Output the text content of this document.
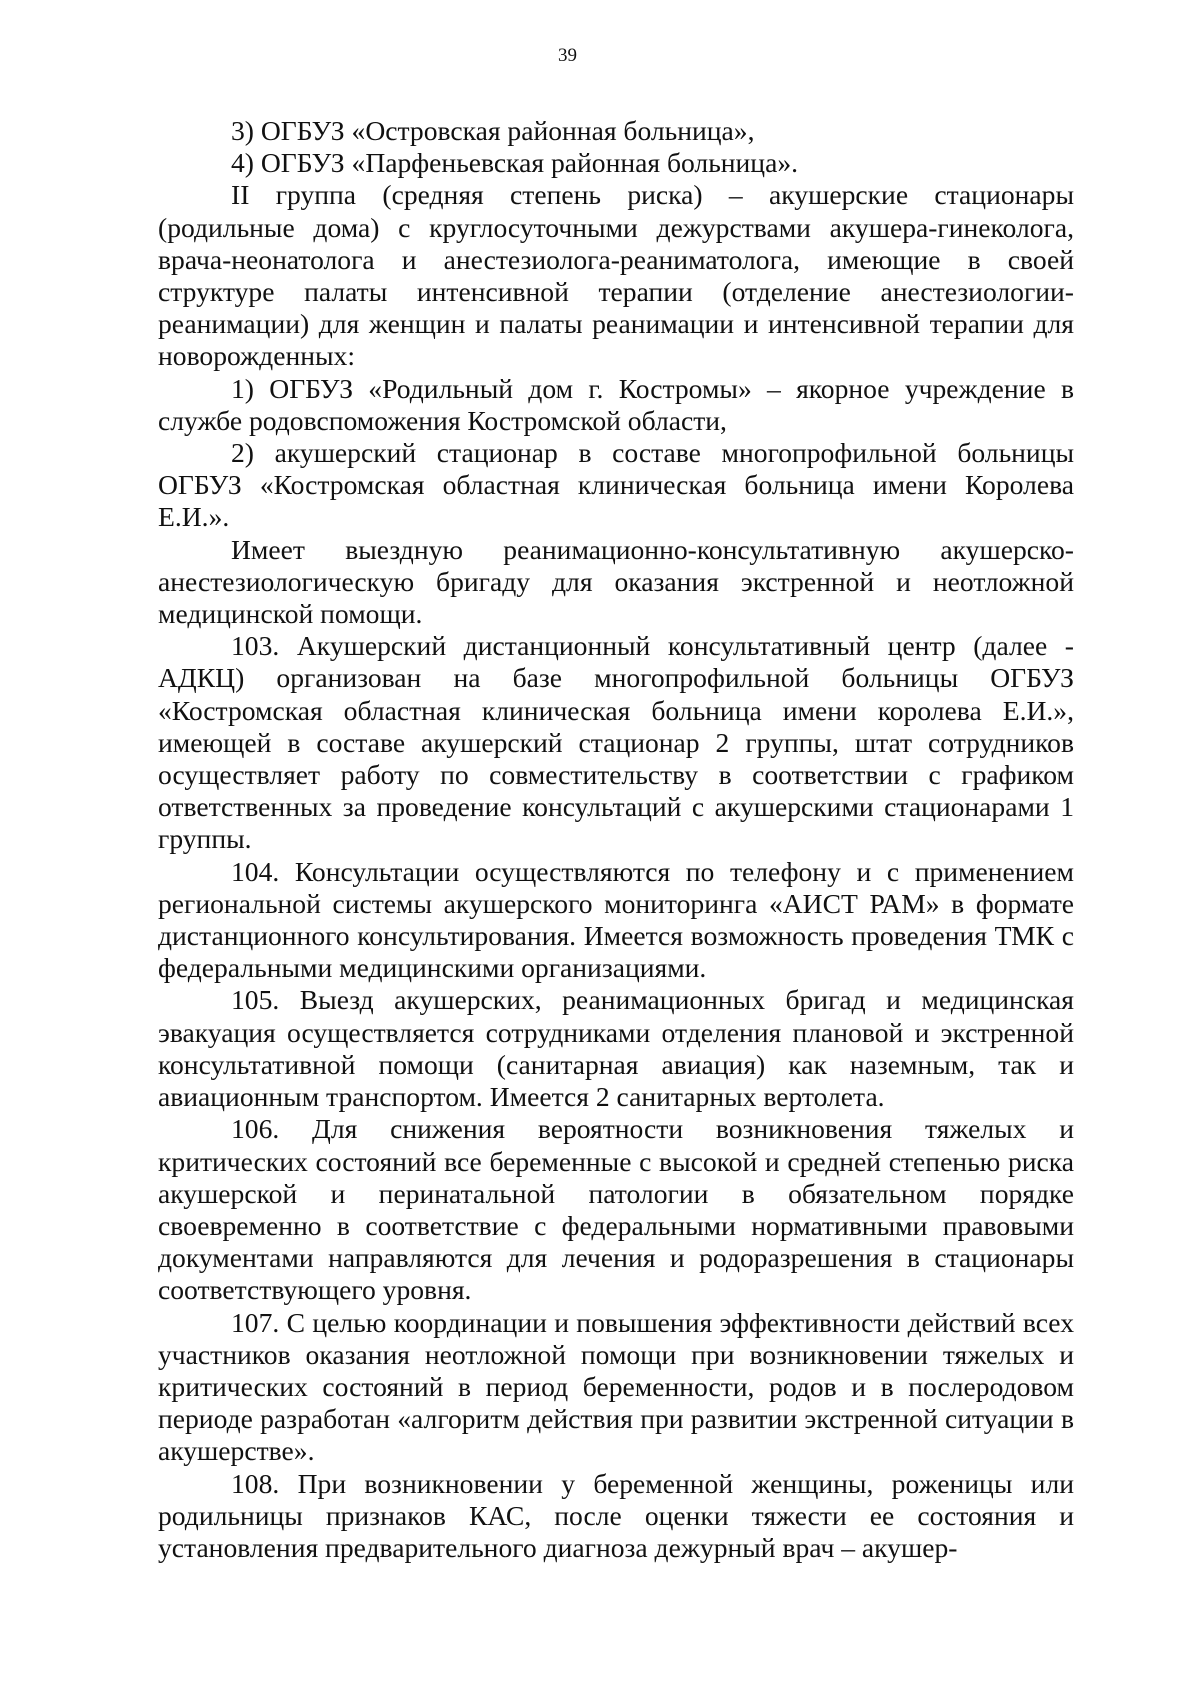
39

3) ОГБУЗ «Островская районная больница»,

4) ОГБУЗ «Парфеньевская районная больница».

II группа (средняя степень риска) – акушерские стационары (родильные дома) с круглосуточными дежурствами акушера-гинеколога, врача-неонатолога и анестезиолога-реаниматолога, имеющие в своей структуре палаты интенсивной терапии (отделение анестезиологии-реанимации) для женщин и палаты реанимации и интенсивной терапии для новорожденных:

1) ОГБУЗ «Родильный дом г. Костромы» – якорное учреждение в службе родовспоможения Костромской области,

2) акушерский стационар в составе многопрофильной больницы ОГБУЗ «Костромская областная клиническая больница имени Королева Е.И.».

Имеет выездную реанимационно-консультативную акушерско-анестезиологическую бригаду для оказания экстренной и неотложной медицинской помощи.

103. Акушерский дистанционный консультативный центр (далее - АДКЦ) организован на базе многопрофильной больницы ОГБУЗ «Костромская областная клиническая больница имени королева Е.И.», имеющей в составе акушерский стационар 2 группы, штат сотрудников осуществляет работу по совместительству в соответствии с графиком ответственных за проведение консультаций с акушерскими стационарами 1 группы.

104. Консультации осуществляются по телефону и с применением региональной системы акушерского мониторинга «АИСТ РАМ» в формате дистанционного консультирования. Имеется возможность проведения ТМК с федеральными медицинскими организациями.

105. Выезд акушерских, реанимационных бригад и медицинская эвакуация осуществляется сотрудниками отделения плановой и экстренной консультативной помощи (санитарная авиация) как наземным, так и авиационным транспортом. Имеется 2 санитарных вертолета.

106. Для снижения вероятности возникновения тяжелых и критических состояний все беременные с высокой и средней степенью риска акушерской и перинатальной патологии в обязательном порядке своевременно в соответствие с федеральными нормативными правовыми документами направляются для лечения и родоразрешения в стационары соответствующего уровня.

107. С целью координации и повышения эффективности действий всех участников оказания неотложной помощи при возникновении тяжелых и критических состояний в период беременности, родов и в послеродовом периоде разработан «алгоритм действия при развитии экстренной ситуации в акушерстве».

108. При возникновении у беременной женщины, роженицы или родильницы признаков КАС, после оценки тяжести ее состояния и установления предварительного диагноза дежурный врач – акушер-
